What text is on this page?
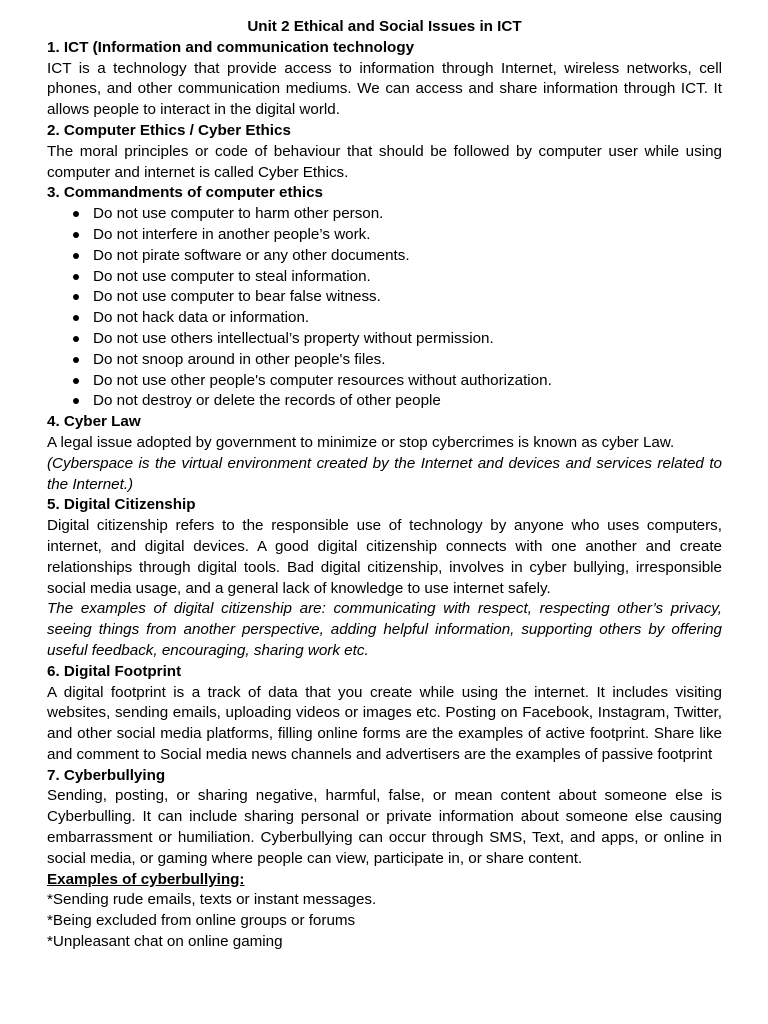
Unit 2 Ethical and Social Issues in ICT

1. ICT (Information and communication technology

ICT is a technology that provide access to information through Internet, wireless networks, cell phones, and other communication mediums. We can access and share information through ICT. It allows people to interact in the digital world.

2. Computer Ethics / Cyber Ethics

The moral principles or code of behaviour that should be followed by computer user while using computer and internet is called Cyber Ethics.

3. Commandments of computer ethics

Do not use computer to harm other person.
Do not interfere in another people’s work.
Do not pirate software or any other documents.
Do not use computer to steal information.
Do not use computer to bear false witness.
Do not hack data or information.
Do not use others intellectual’s property without permission.
Do not snoop around in other people's files.
Do not use other people's computer resources without authorization.
Do not destroy or delete the records of other people

4. Cyber Law

A legal issue adopted by government to minimize or stop cybercrimes is known as cyber Law.

(Cyberspace is the virtual environment created by the Internet and devices and services related to the Internet.)

5. Digital Citizenship

Digital citizenship refers to the responsible use of technology by anyone who uses computers, internet, and digital devices. A good digital citizenship connects with one another and create relationships through digital tools. Bad digital citizenship, involves in cyber bullying, irresponsible social media usage, and a general lack of knowledge to use internet safely.

The examples of digital citizenship are: communicating with respect, respecting other’s privacy, seeing things from another perspective, adding helpful information, supporting others by offering useful feedback, encouraging, sharing work etc.

6. Digital Footprint

A digital footprint is a track of data that you create while using the internet. It includes visiting websites, sending emails, uploading videos or images etc. Posting on Facebook, Instagram, Twitter, and other social media platforms, filling online forms are the examples of active footprint. Share like and comment to Social media news channels and advertisers are the examples of passive footprint

7. Cyberbullying

Sending, posting, or sharing negative, harmful, false, or mean content about someone else is Cyberbulling. It can include sharing personal or private information about someone else causing embarrassment or humiliation. Cyberbullying can occur through SMS, Text, and apps, or online in social media, or gaming where people can view, participate in, or share content.

Examples of cyberbullying:

*Sending rude emails, texts or instant messages.

*Being excluded from online groups or forums

*Unpleasant chat on online gaming
